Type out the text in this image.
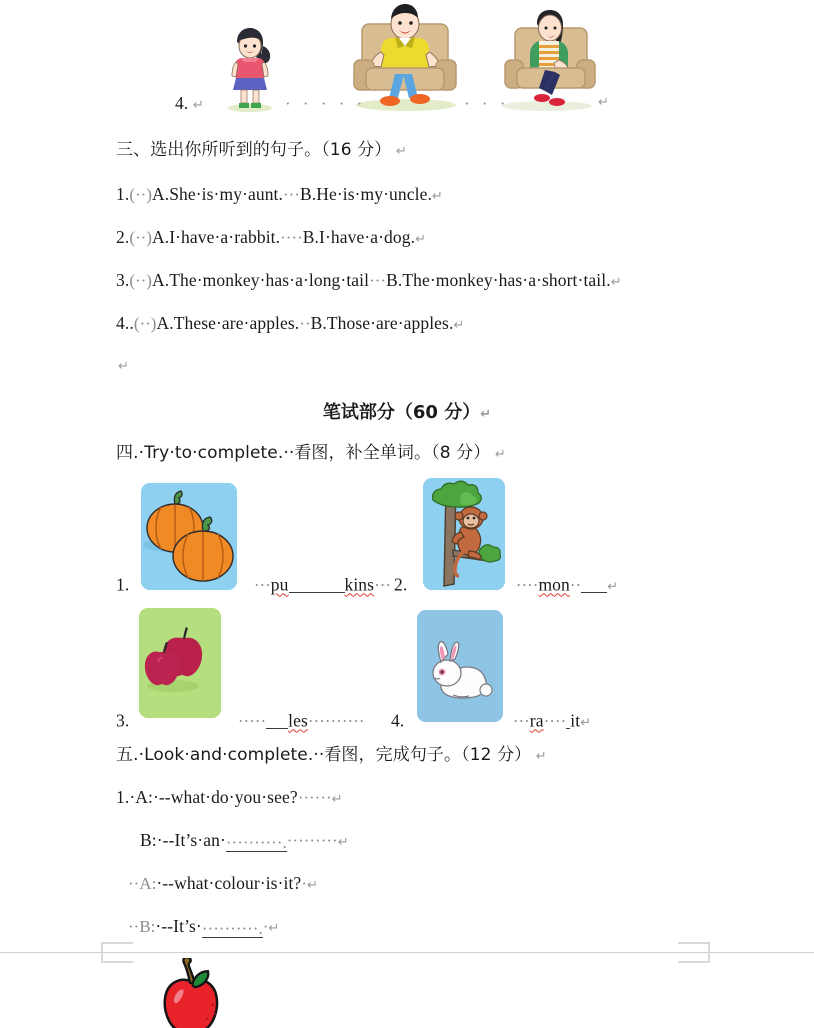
4. ↵	· · · · ·	· · ·	↵
三、选出你所听到的句子。（16 分） ↵
1.(··)A.She·is·my·aunt.···B.He·is·my·uncle.↵
2.(··)A.I·have·a·rabbit.····B.I·have·a·dog.↵
3.(··)A.The·monkey·has·a·long·tail···B.The·monkey·has·a·short·tail.↵
4..(··)A.These·are·apples.··B.Those·are·apples.↵
↵
笔试部分（60 分）↵
四.·Try·to·complete.··看图，补全单词。（8 分） ↵
1.	···pu	kins··· 2.	····mon·· ↵
3.	····· les·········· 4.	···ra···· it↵
五.·Look·and·complete.··看图，完成句子。（12 分） ↵
1.·A:·--what·do·you·see?······↵
B:·--It’s·an···········.·········↵
··A:·--what·colour·is·it?·↵
··B:·--It’s···········.·↵
